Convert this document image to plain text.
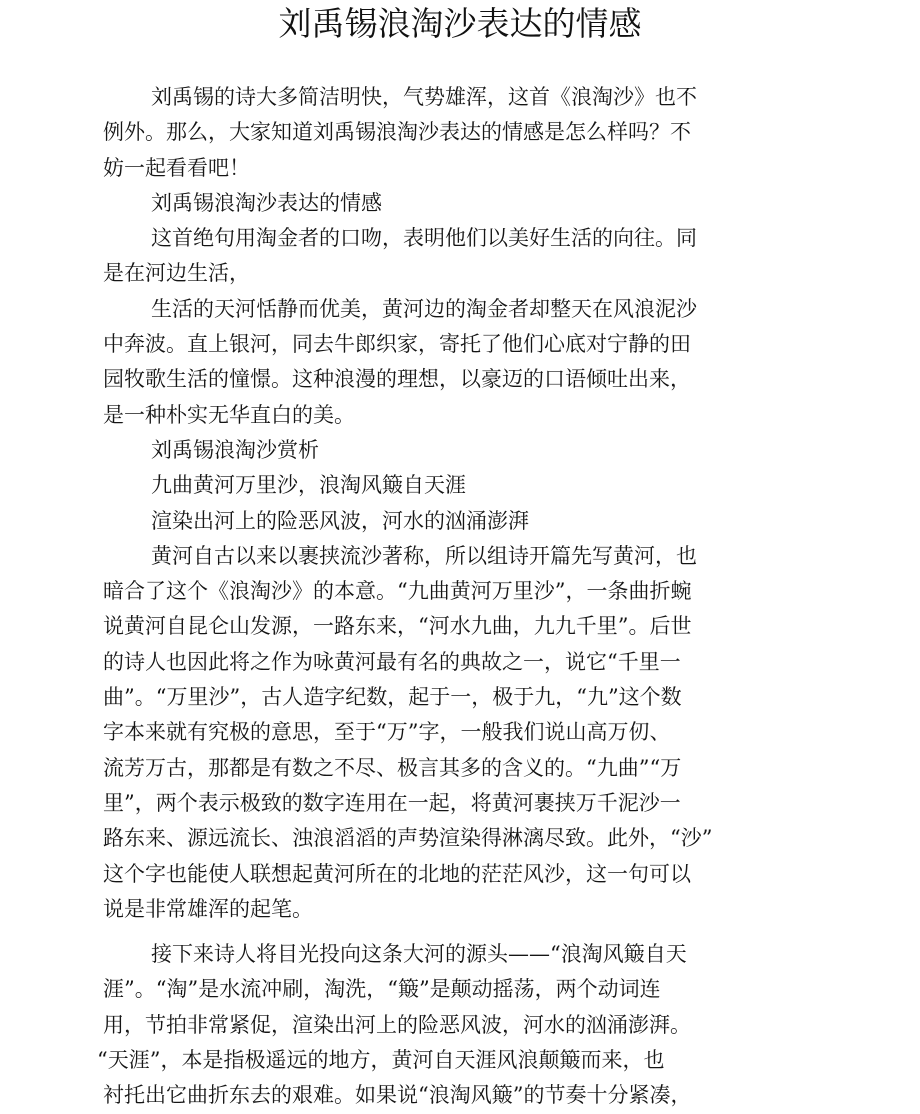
刘禹锡浪淘沙表达的情感
刘禹锡的诗大多简洁明快，气势雄浑，这首《浪淘沙》也不
例外。那么，大家知道刘禹锡浪淘沙表达的情感是怎么样吗？不
妨一起看看吧！
刘禹锡浪淘沙表达的情感
这首绝句用淘金者的口吻，表明他们以美好生活的向往。同
是在河边生活，
生活的天河恬静而优美，黄河边的淘金者却整天在风浪泥沙
中奔波。直上银河，同去牛郎织家，寄托了他们心底对宁静的田
园牧歌生活的憧憬。这种浪漫的理想，以豪迈的口语倾吐出来，
是一种朴实无华直白的美。
刘禹锡浪淘沙赏析
九曲黄河万里沙，浪淘风簸自天涯
渲染出河上的险恶风波，河水的汹涌澎湃
黄河自古以来以裹挟流沙著称，所以组诗开篇先写黄河，也
暗合了这个《浪淘沙》的本意。“九曲黄河万里沙”，一条曲折蜿
说黄河自昆仑山发源，一路东来，“河水九曲，九九千里”。后世
的诗人也因此将之作为咏黄河最有名的典故之一，说它“千里一
曲”。“万里沙”，古人造字纪数，起于一，极于九，“九”这个数
字本来就有究极的意思，至于“万”字，一般我们说山高万仞、
流芳万古，那都是有数之不尽、极言其多的含义的。“九曲”“万
里”，两个表示极致的数字连用在一起，将黄河裹挟万千泥沙一
路东来、源远流长、浊浪滔滔的声势渲染得淋漓尽致。此外，“沙”
这个字也能使人联想起黄河所在的北地的茫茫风沙，这一句可以
说是非常雄浑的起笔。
接下来诗人将目光投向这条大河的源头——“浪淘风簸自天
涯”。“淘”是水流冲刷，淘洗，“簸”是颠动摇荡，两个动词连
用，节拍非常紧促，渲染出河上的险恶风波，河水的汹涌澎湃。
“天涯”，本是指极遥远的地方，黄河自天涯风浪颠簸而来，也
衬托出它曲折东去的艰难。如果说“浪淘风簸”的节奏十分紧凑，
